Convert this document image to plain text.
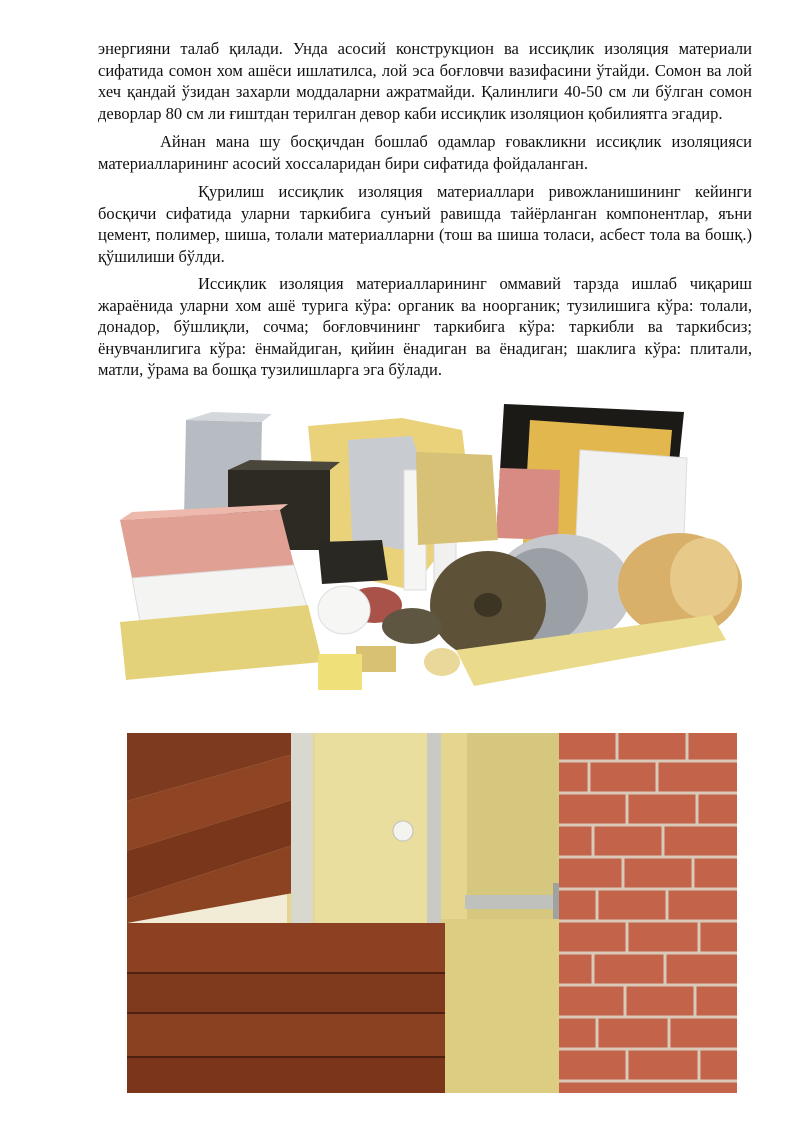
энергияни талаб қилади. Унда асосий конструкцион ва иссиқлик изоляция материали сифатида сомон хом ашёси ишлатилса, лой эса боғловчи вазифасини ўтайди. Сомон ва лой хеч қандай ўзидан захарли моддаларни ажратмайди. Қалинлиги 40-50 см ли бўлган сомон деворлар 80 см ли ғиштдан терилган девор каби иссиқлик изоляцион қобилиятга эгадир.

Айнан мана шу босқичдан бошлаб одамлар ғовакликни иссиқлик изоляцияси материалларининг асосий хоссаларидан бири сифатида фойдаланган.

Қурилиш иссиқлик изоляция материаллари ривожланишининг кейинги босқичи сифатида уларни таркибига сунъий равишда тайёрланган компонентлар, яъни цемент, полимер, шиша, толали материалларни (тош ва шиша толаси, асбест тола ва бошқ.) қўшилиши бўлди.

Иссиқлик изоляция материалларининг оммавий тарзда ишлаб чиқариш жараёнида уларни хом ашё турига кўра: органик ва ноорганик; тузилишига кўра: толали, донадор, бўшлиқли, сочма; боғловчининг таркибига кўра: таркибли ва таркибсиз; ёнувчанлигига кўра: ёнмайдиган, қийин ёнадиган ва ёнадиган; шаклига кўра: плитали, матли, ўрама ва бошқа тузилишларга эга бўлади.
